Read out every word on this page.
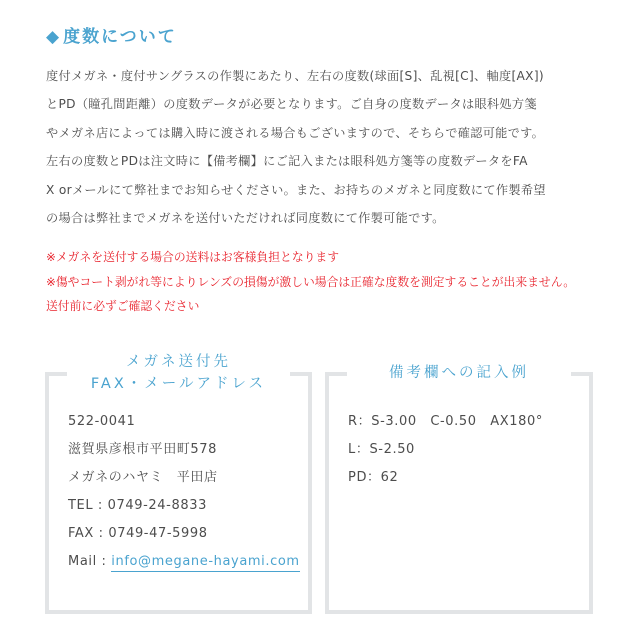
◆ 度数について
度付メガネ・度付サングラスの作製にあたり、左右の度数(球面[S]、乱視[C]、軸度[AX])
とPD（瞳孔間距離）の度数データが必要となります。ご自身の度数データは眼科処方箋
やメガネ店によっては購入時に渡される場合もございますので、そちらで確認可能です。
左右の度数とPDは注文時に【備考欄】にご記入または眼科処方箋等の度数データをFA
X orメールにて弊社までお知らせください。また、お持ちのメガネと同度数にて作製希望
の場合は弊社までメガネを送付いただければ同度数にて作製可能です。
※メガネを送付する場合の送料はお客様負担となります
※傷やコート剥がれ等によりレンズの損傷が激しい場合は正確な度数を測定することが出来ません。
送付前に必ずご確認ください
メガネ送付先
FAX・メールアドレス
522-0041
滋賀県彦根市平田町578
メガネのハヤミ　平田店
TEL : 0749-24-8833
FAX : 0749-47-5998
Mail : info@megane-hayami.com
備考欄への記入例
R：S-3.00　C-0.50　AX180°
L：S-2.50
PD：62
